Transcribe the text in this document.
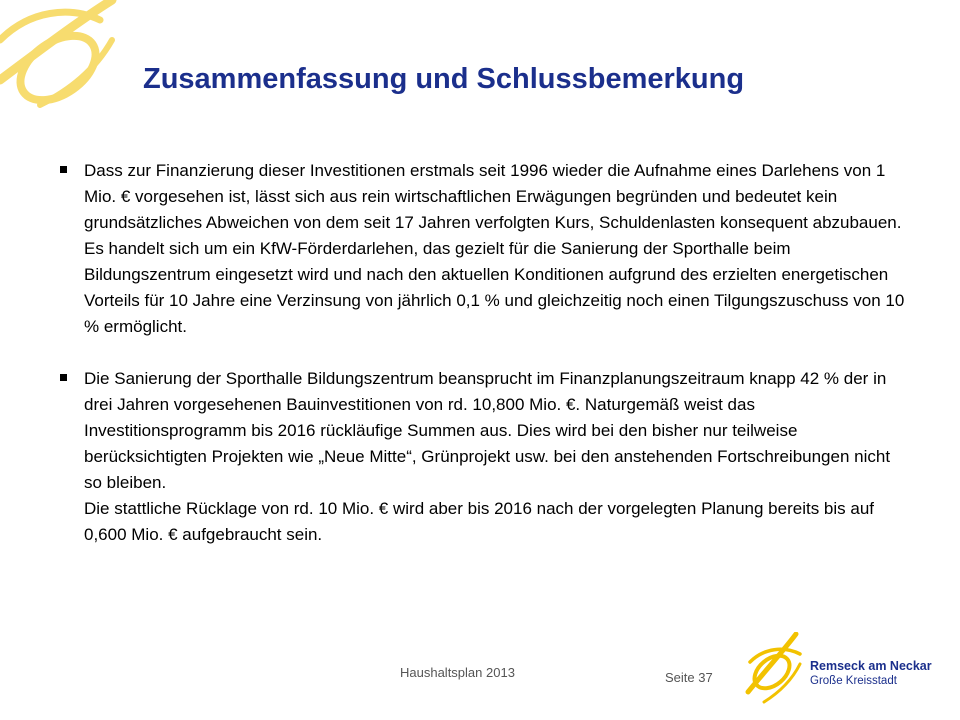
Zusammenfassung und Schlussbemerkung
Dass zur Finanzierung dieser Investitionen erstmals seit 1996 wieder die Aufnahme eines Darlehens von 1 Mio. € vorgesehen ist, lässt sich aus rein wirtschaftlichen Erwägungen begründen und bedeutet kein grundsätzliches Abweichen von dem seit 17 Jahren verfolgten Kurs, Schuldenlasten konsequent abzubauen.
Es handelt sich um ein KfW-Förderdarlehen, das gezielt für die Sanierung der Sporthalle beim Bildungszentrum eingesetzt wird und nach den aktuellen Konditionen aufgrund des erzielten energetischen Vorteils für 10 Jahre eine Verzinsung von jährlich 0,1 % und gleichzeitig noch einen Tilgungszuschuss von 10 % ermöglicht.
Die Sanierung der Sporthalle Bildungszentrum beansprucht im Finanzplanungszeitraum knapp 42 % der in drei Jahren vorgesehenen Bauinvestitionen von rd. 10,800 Mio. €. Naturgemäß weist das Investitionsprogramm bis 2016 rückläufige Summen aus. Dies wird bei den bisher nur teilweise berücksichtigten Projekten wie „Neue Mitte“, Grünprojekt usw. bei den anstehenden Fortschreibungen nicht so bleiben.
Die stattliche Rücklage von rd. 10 Mio. € wird aber bis 2016 nach der vorgelegten Planung bereits bis auf 0,600 Mio. € aufgebraucht sein.
Haushaltsplan 2013	Seite 37
Remseck am Neckar
Große Kreisstadt
